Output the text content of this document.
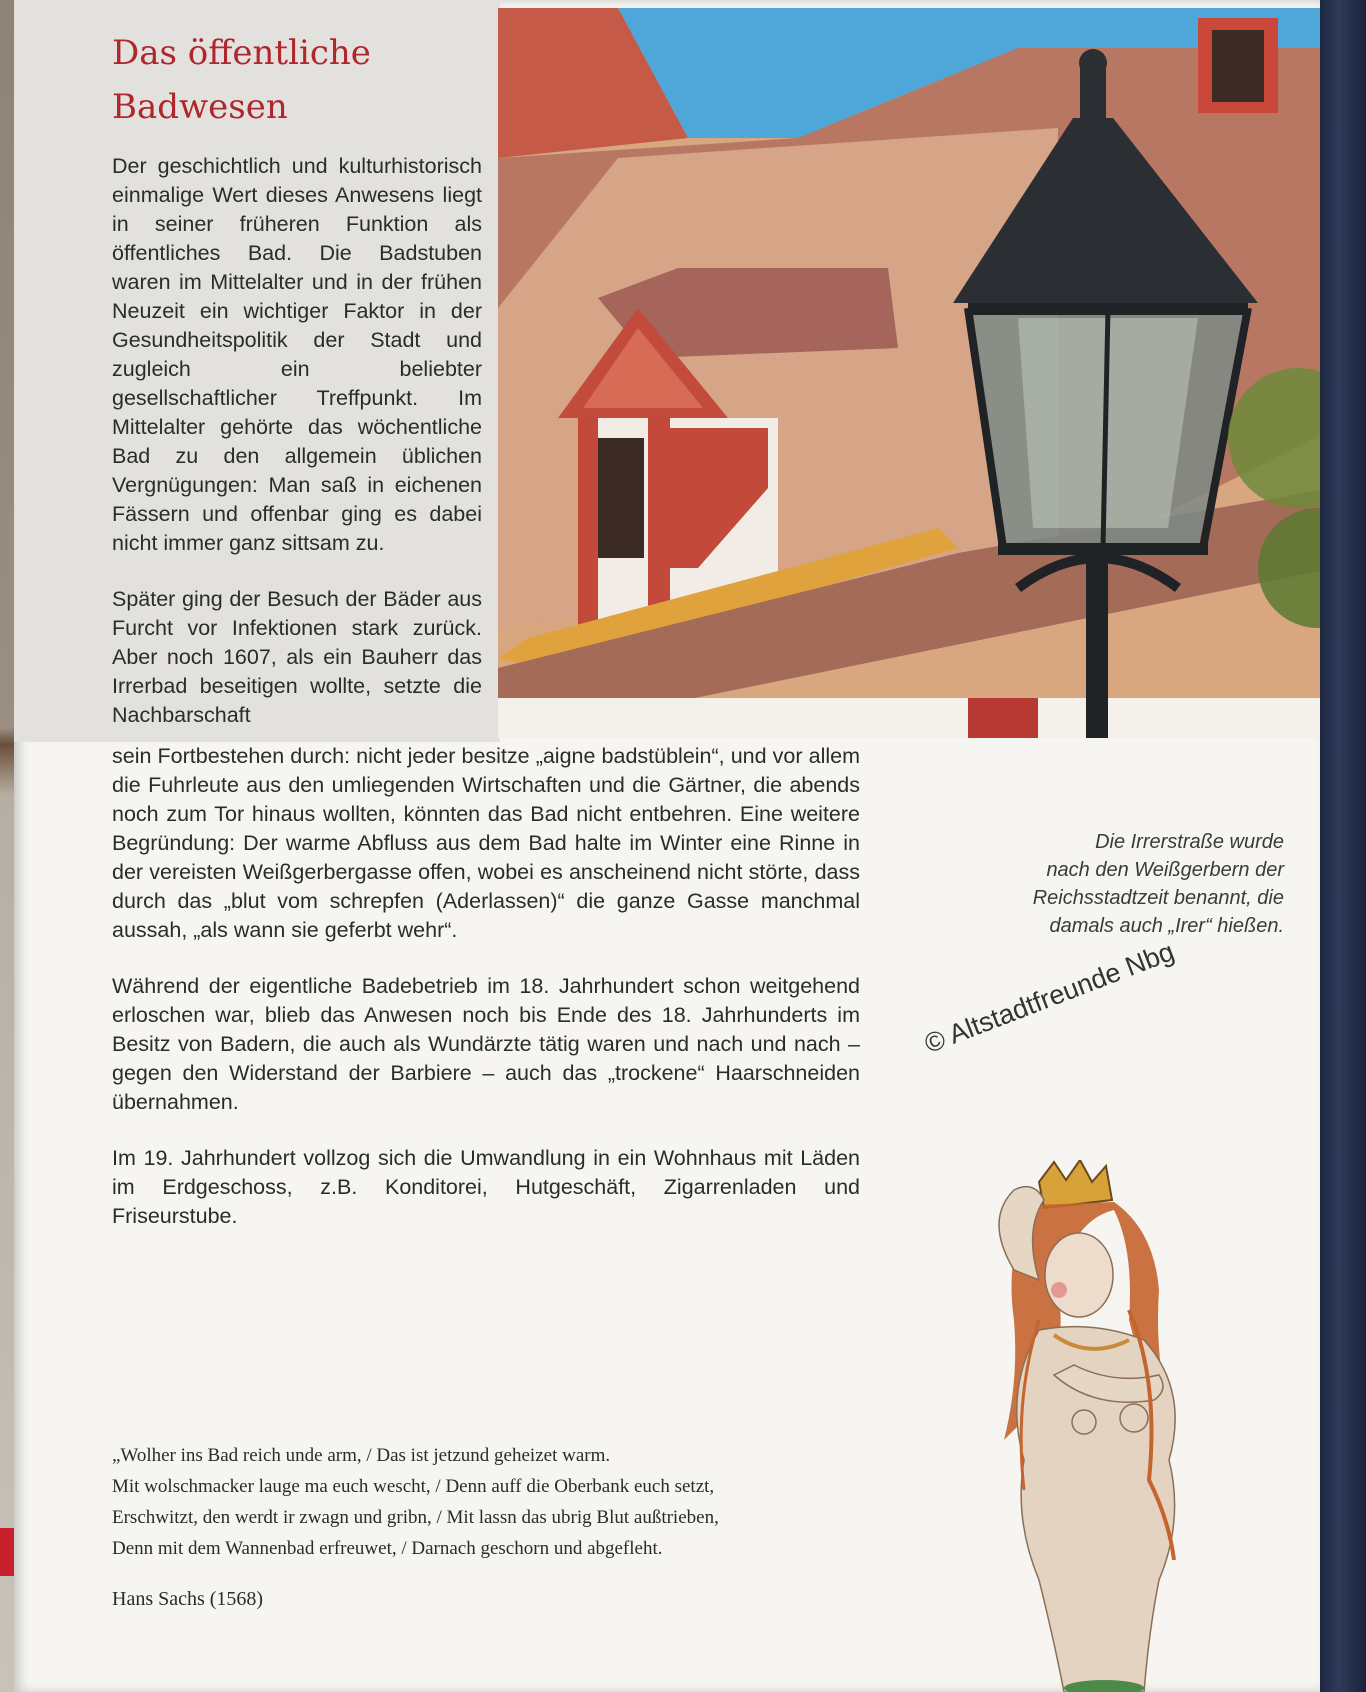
Das öffentliche
Badwesen

Der geschichtlich und kulturhistorisch einmalige Wert dieses Anwesens liegt in seiner früheren Funktion als öffentliches Bad. Die Badstuben waren im Mittelalter und in der frühen Neuzeit ein wichtiger Faktor in der Gesundheitspolitik der Stadt und zugleich ein beliebter gesellschaftlicher Treffpunkt. Im Mittelalter gehörte das wöchentliche Bad zu den allgemein üblichen Vergnügungen: Man saß in eichenen Fässern und offenbar ging es dabei nicht immer ganz sittsam zu.

Später ging der Besuch der Bäder aus Furcht vor Infektionen stark zurück. Aber noch 1607, als ein Bauherr das Irrerbad beseitigen wollte, setzte die Nachbarschaft

sein Fortbestehen durch: nicht jeder besitze „aigne badstüblein“, und vor allem die Fuhrleute aus den umliegenden Wirtschaften und die Gärtner, die abends noch zum Tor hinaus wollten, könnten das Bad nicht entbehren. Eine weitere Begründung: Der warme Abfluss aus dem Bad halte im Winter eine Rinne in der vereisten Weißgerbergasse offen, wobei es anscheinend nicht störte, dass durch das „blut vom schrepfen (Aderlassen)“ die ganze Gasse manchmal aussah, „als wann sie geferbt wehr“.

Während der eigentliche Badebetrieb im 18. Jahrhundert schon weitgehend erloschen war, blieb das Anwesen noch bis Ende des 18. Jahrhunderts im Besitz von Badern, die auch als Wundärzte tätig waren und nach und nach – gegen den Widerstand der Barbiere – auch das „trockene“ Haarschneiden übernahmen.

Im 19. Jahrhundert vollzog sich die Umwandlung in ein Wohnhaus mit Läden im Erdgeschoss, z.B. Konditorei, Hutgeschäft, Zigarrenladen und Friseurstube.

Die Irrerstraße wurde
nach den Weißgerbern der
Reichsstadtzeit benannt, die
damals auch „Irer“ hießen.
© Altstadtfreunde Nbg
„Wolher ins Bad reich unde arm, / Das ist jetzund geheizet warm.
Mit wolschmacker lauge ma euch wescht, / Denn auff die Oberbank euch setzt,
Erschwitzt, den werdt ir zwagn und gribn, / Mit lassn das ubrig Blut außtrieben,
Denn mit dem Wannenbad erfreuwet, / Darnach geschorn und abgefleht.
Hans Sachs (1568)
